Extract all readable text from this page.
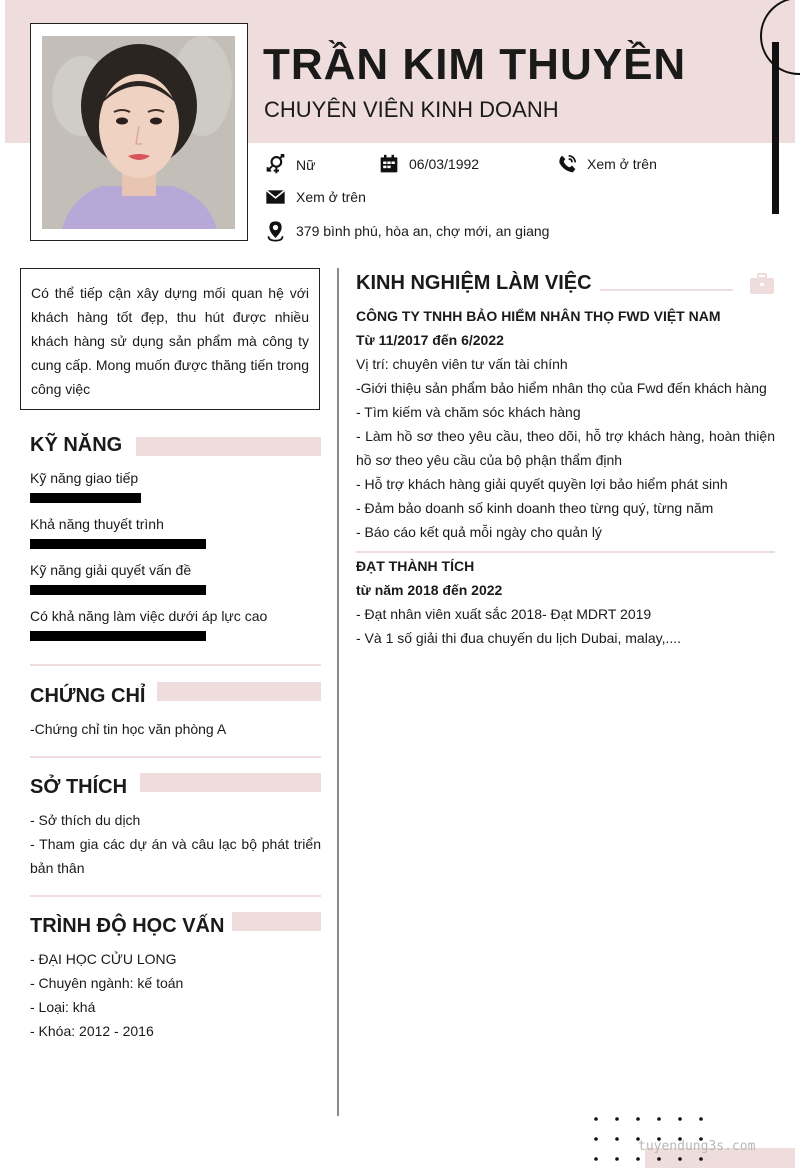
TRẦN KIM THUYỀN
CHUYÊN VIÊN KINH DOANH
Nữ	06/03/1992	Xem ở trên
Xem ở trên
379 bình phú, hòa an, chợ mới, an giang
Có thể tiếp cận xây dựng mối quan hệ với khách hàng tốt đẹp, thu hút được nhiều khách hàng sử dụng sản phẩm mà công ty cung cấp. Mong muốn được thăng tiến trong công việc
KỸ NĂNG
Kỹ năng giao tiếp
Khả năng thuyết trình
Kỹ năng giải quyết vấn đề
Có khả năng làm việc dưới áp lực cao
CHỨNG CHỈ
-Chứng chỉ tin học văn phòng A
SỞ THÍCH
- Sở thích du dịch
- Tham gia các dự án và câu lạc bộ phát triển bản thân
TRÌNH ĐỘ HỌC VẤN
- ĐẠI HỌC CỬU LONG
- Chuyên ngành: kế toán
- Loại: khá
- Khóa: 2012 - 2016
KINH NGHIỆM LÀM VIỆC
CÔNG TY TNHH BẢO HIỂM NHÂN THỌ FWD VIỆT NAM
Từ 11/2017 đến 6/2022
Vị trí: chuyên viên tư vấn tài chính
-Giới thiệu sản phẩm bảo hiểm nhân thọ của Fwd đến khách hàng
- Tìm kiếm và chăm sóc khách hàng
- Làm hồ sơ theo yêu cầu, theo dõi, hỗ trợ khách hàng, hoàn thiện hồ sơ theo yêu cầu của bộ phận thẩm định
- Hỗ trợ khách hàng giải quyết quyền lợi bảo hiểm phát sinh
- Đảm bảo doanh số kinh doanh theo từng quý, từng năm
- Báo cáo kết quả mỗi ngày cho quản lý
ĐẠT THÀNH TÍCH
từ năm 2018 đến 2022
- Đạt nhân viên xuất sắc 2018- Đạt MDRT 2019
- Và 1 số giải thi đua chuyến du lịch Dubai, malay,....
tuyendung3s.com
